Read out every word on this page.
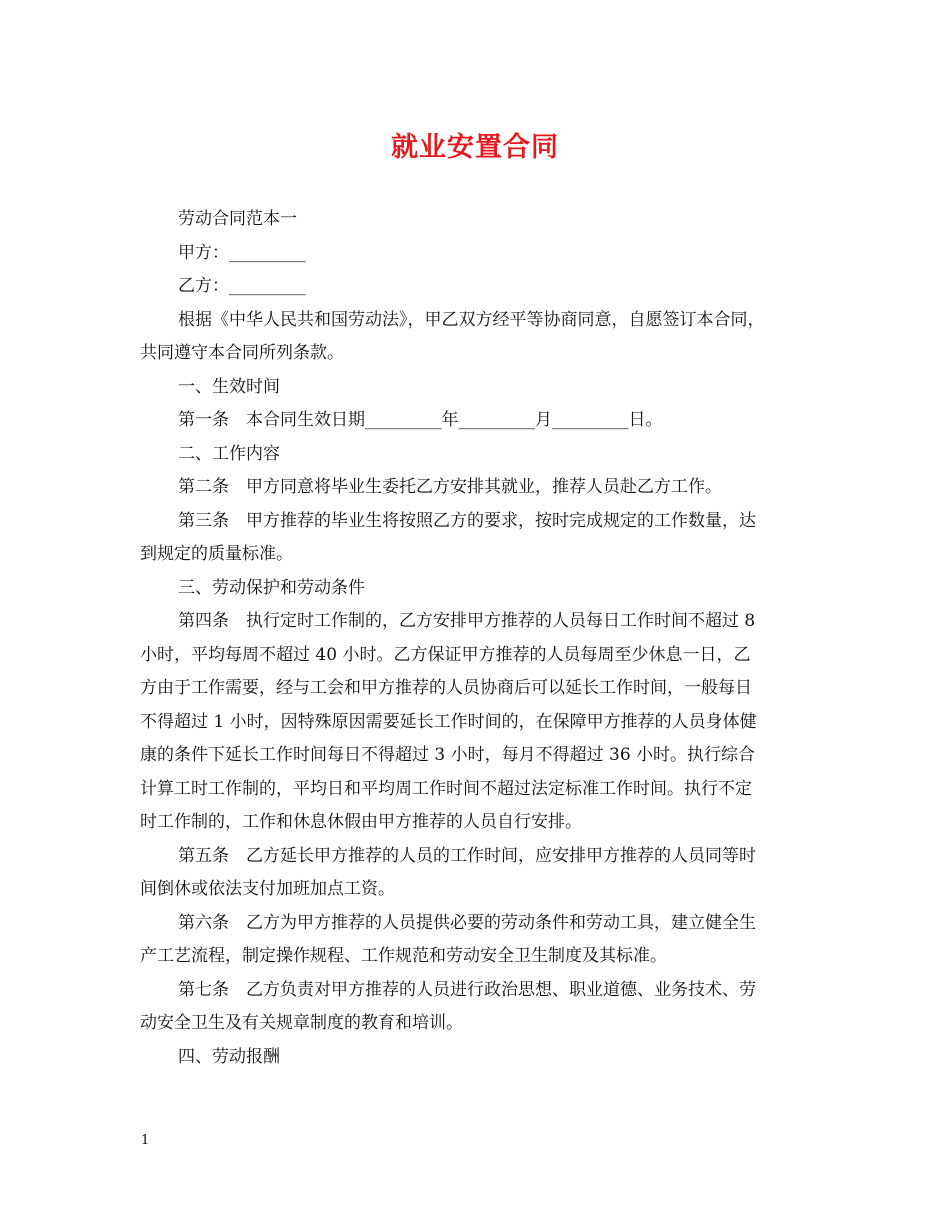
就业安置合同
劳动合同范本一
甲方：_________
乙方：_________
根据《中华人民共和国劳动法》，甲乙双方经平等协商同意，自愿签订本合同，
共同遵守本合同所列条款。
一、生效时间
第一条　本合同生效日期_________年_________月_________日。
二、工作内容
第二条　甲方同意将毕业生委托乙方安排其就业，推荐人员赴乙方工作。
第三条　甲方推荐的毕业生将按照乙方的要求，按时完成规定的工作数量，达
到规定的质量标准。
三、劳动保护和劳动条件
第四条　执行定时工作制的，乙方安排甲方推荐的人员每日工作时间不超过 8
小时，平均每周不超过 40 小时。乙方保证甲方推荐的人员每周至少休息一日，乙
方由于工作需要，经与工会和甲方推荐的人员协商后可以延长工作时间，一般每日
不得超过 1 小时，因特殊原因需要延长工作时间的，在保障甲方推荐的人员身体健
康的条件下延长工作时间每日不得超过 3 小时，每月不得超过 36 小时。执行综合
计算工时工作制的，平均日和平均周工作时间不超过法定标准工作时间。执行不定
时工作制的，工作和休息休假由甲方推荐的人员自行安排。
第五条　乙方延长甲方推荐的人员的工作时间，应安排甲方推荐的人员同等时
间倒休或依法支付加班加点工资。
第六条　乙方为甲方推荐的人员提供必要的劳动条件和劳动工具，建立健全生
产工艺流程，制定操作规程、工作规范和劳动安全卫生制度及其标准。
第七条　乙方负责对甲方推荐的人员进行政治思想、职业道德、业务技术、劳
动安全卫生及有关规章制度的教育和培训。
四、劳动报酬
1
